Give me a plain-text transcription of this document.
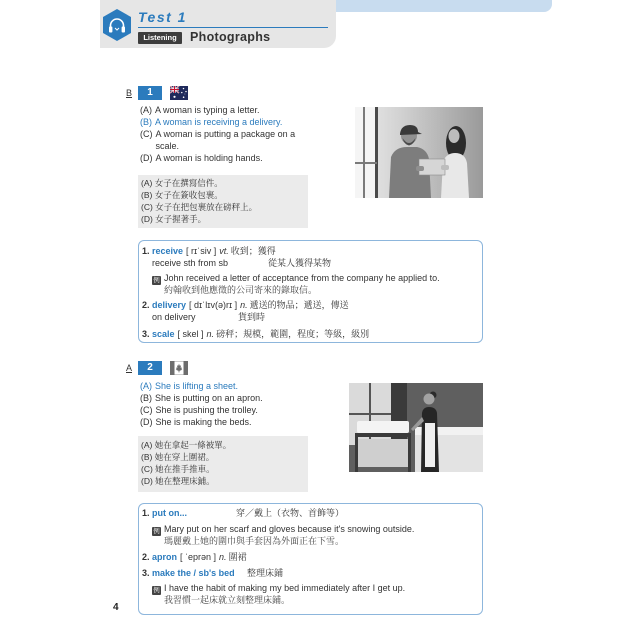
Test 1
Listening	Photographs
B	1
(A) A woman is typing a letter.
(B) A woman is receiving a delivery.
(C) A woman is putting a package on a scale.
(D) A woman is holding hands.
(A) 女子在撰寫信件。
(B) 女子在簽收包裹。
(C) 女子在把包裹放在磅秤上。
(D) 女子握著手。
1. receive [ rɪˈsiv ] vt. 收到；獲得
receive sth from sb	從某人獲得某物
例 John received a letter of acceptance from the company he applied to.
約翰收到他應徵的公司寄來的錄取信。
2. delivery [ dɪˈlɪv(ə)rɪ ] n. 遞送的物品；遞送，傳送
on delivery	貨到時
3. scale [ skel ] n. 磅秤；規模，範圍，程度；等級，級別
A	2
(A) She is lifting a sheet.
(B) She is putting on an apron.
(C) She is pushing the trolley.
(D) She is making the beds.
(A) 她在拿起一條被單。
(B) 她在穿上圍裙。
(C) 她在推手推車。
(D) 她在整理床鋪。
1. put on...	穿／戴上（衣物、首飾等）
例 Mary put on her scarf and gloves because it's snowing outside.
瑪麗戴上她的圍巾與手套因為外面正在下雪。
2. apron [ ˈeprən ] n. 圍裙
3. make the / sb's bed 整理床鋪
例 I have the habit of making my bed immediately after I get up.
我習慣一起床就立刻整理床鋪。
4
